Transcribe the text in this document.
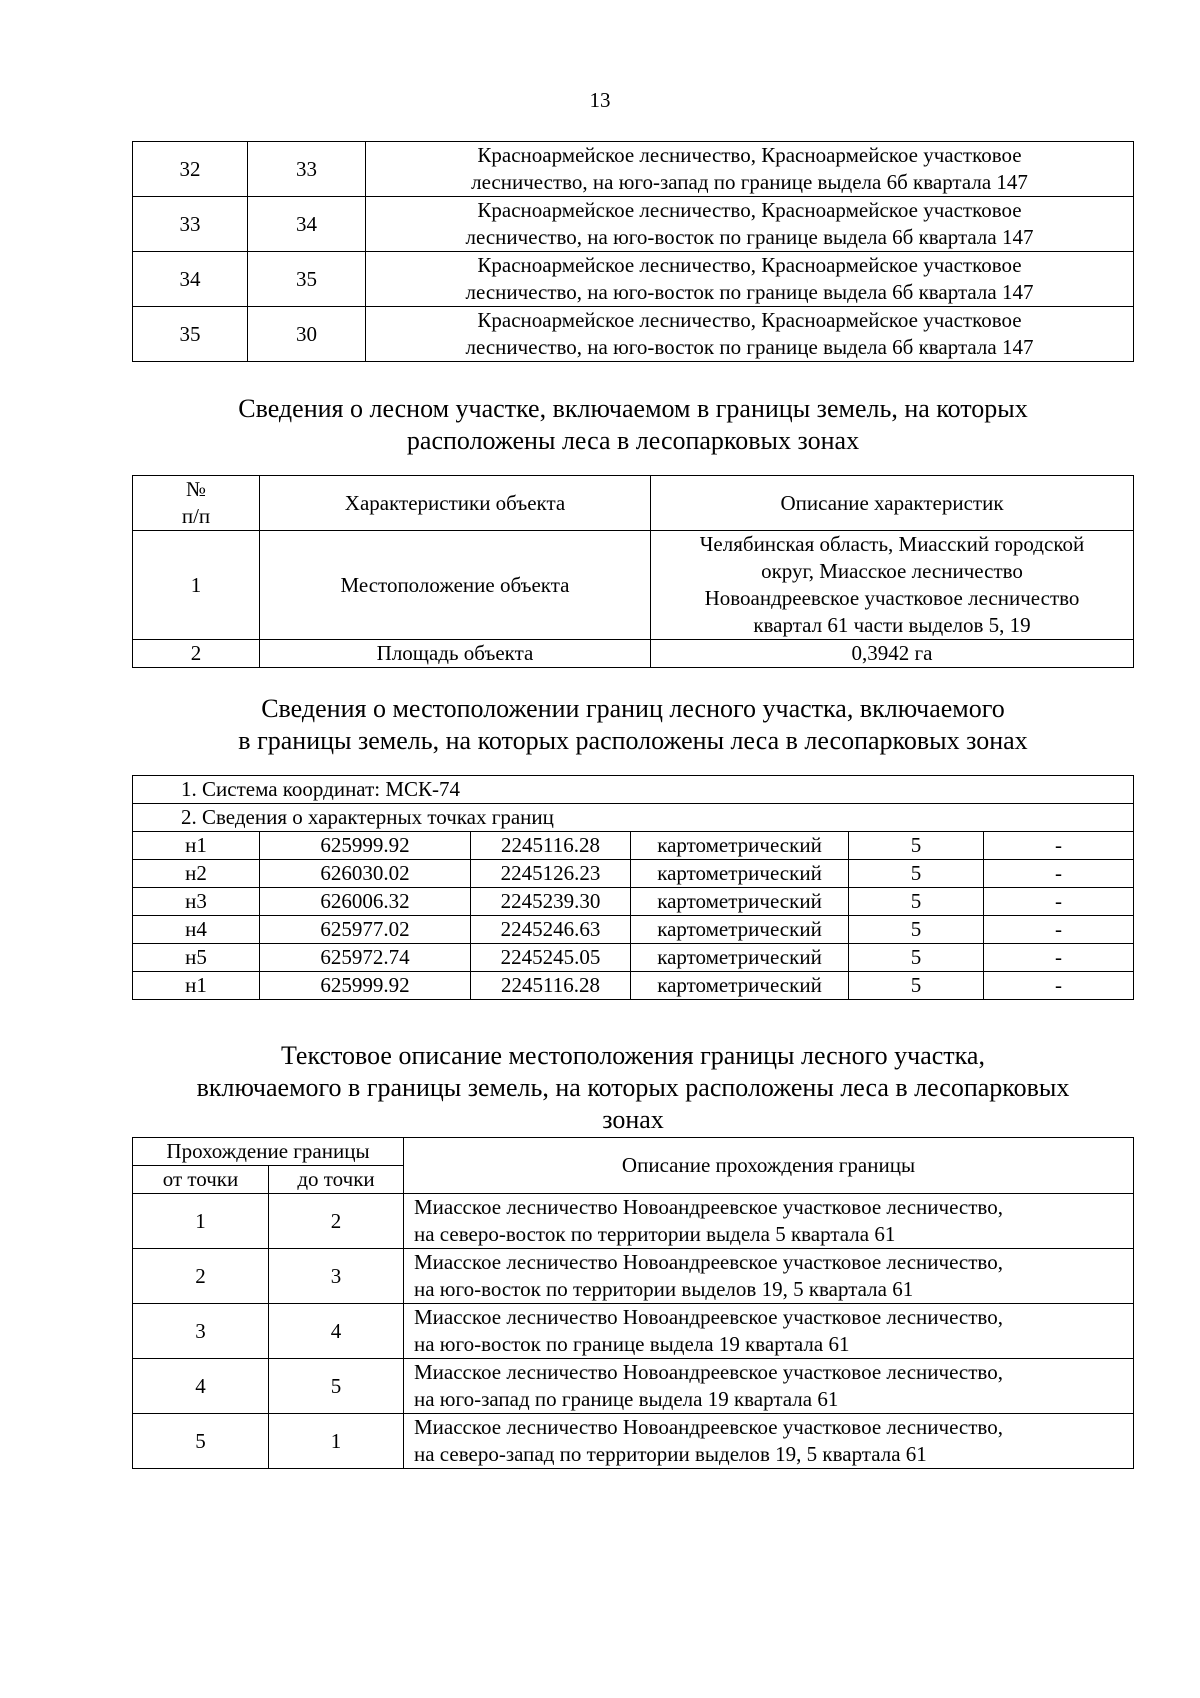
13
32	33	Красноармейское лесничество, Красноармейское участковое
лесничество, на юго-запад по границе выдела 6б квартала 147

33	34	Красноармейское лесничество, Красноармейское участковое
лесничество, на юго-восток по границе выдела 6б квартала 147

34	35	Красноармейское лесничество, Красноармейское участковое
лесничество, на юго-восток по границе выдела 6б квартала 147

35	30	Красноармейское лесничество, Красноармейское участковое
лесничество, на юго-восток по границе выдела 6б квартала 147
Сведения о лесном участке, включаемом в границы земель, на которых
расположены леса в лесопарковых зонах
№
п/п	Характеристики объекта	Описание характеристик
1	Местоположение объекта	Челябинская область, Миасский городской
округ, Миасское лесничество
Новоандреевское участковое лесничество
квартал 61 части выделов 5, 19

2	Площадь объекта	0,3942 га
Сведения о местоположении границ лесного участка, включаемого
в границы земель, на которых расположены леса в лесопарковых зонах
1. Система координат: МСК-74					
2. Сведения о характерных точках границ					
н1	625999.92	2245116.28	картометрический	5	-
н2	626030.02	2245126.23	картометрический	5	-
н3	626006.32	2245239.30	картометрический	5	-
н4	625977.02	2245246.63	картометрический	5	-
н5	625972.74	2245245.05	картометрический	5	-
н1	625999.92	2245116.28	картометрический	5	-
Текстовое описание местоположения границы лесного участка,
включаемого в границы земель, на которых расположены леса в лесопарковых
зонах
Прохождение границы		Описание прохождения границы
от точки	до точки	
1	2	Миасское лесничество Новоандреевское участковое лесничество,
на северо-восток по территории выдела 5 квартала 61

2	3	Миасское лесничество Новоандреевское участковое лесничество,
на юго-восток по территории выделов 19, 5 квартала 61

3	4	Миасское лесничество Новоандреевское участковое лесничество,
на юго-восток по границе выдела 19 квартала 61

4	5	Миасское лесничество Новоандреевское участковое лесничество,
на юго-запад по границе выдела 19 квартала 61

5	1	Миасское лесничество Новоандреевское участковое лесничество,
на северо-запад по территории выделов 19, 5 квартала 61
